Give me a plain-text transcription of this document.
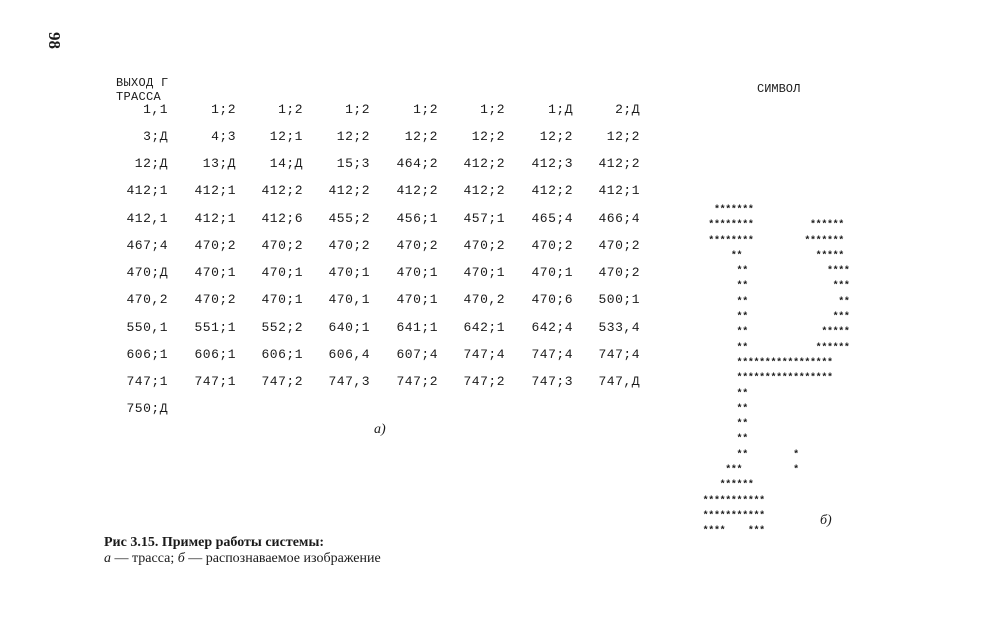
98
ВЫХОД Г
ТРАССА
1,1	1;2	1;2	1;2	1;2	1;2	1;Д	2;Д
3;Д	4;3	12;1	12;2	12;2	12;2	12;2	12;2
12;Д	13;Д	14;Д	15;3	464;2	412;2	412;3	412;2
412;1	412;1	412;2	412;2	412;2	412;2	412;2	412;1
412,1	412;1	412;6	455;2	456;1	457;1	465;4	466;4
467;4	470;2	470;2	470;2	470;2	470;2	470;2	470;2
470;Д	470;1	470;1	470;1	470;1	470;1	470;1	470;2
470,2	470;2	470;1	470,1	470;1	470,2	470;6	500;1
550,1	551;1	552;2	640;1	641;1	642;1	642;4	533,4
606;1	606;1	606;1	606,4	607;4	747;4	747;4	747;4
747;1	747;1	747;2	747,3	747;2	747;2	747;3	747,Д
750;Д
а)
СИМВОЛ
*******
********          ******
********         *******
**             *****
**              ****
**               ***
**                **
**               ***
**             *****
**            ******
*****************
*****************
**
**
**
**
**        *
***         *
******
***********
***********
****    ***
б)
Рис 3.15. Пример работы системы:
а — трасса; б — распознаваемое изображение
